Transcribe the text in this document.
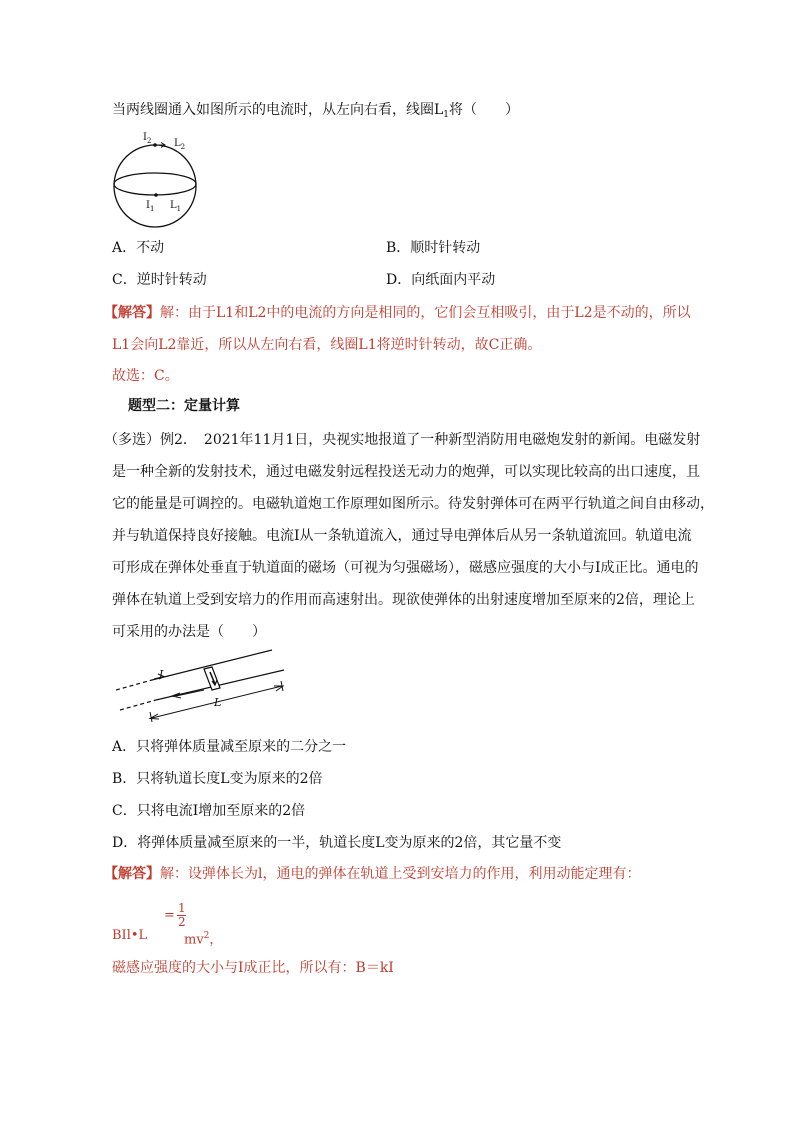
当两线圈通入如图所示的电流时，从左向右看，线圈$L_1$将（　　）
$I_2$ $L_2$
$I_1$ $L_1$
A．不动	B．顺时针转动
C．逆时针转动	D．向纸面内平动
【解答】解：由于L1和L2中的电流的方向是相同的，它们会互相吸引，由于L2是不动的，所以
L1会向L2靠近，所以从左向右看，线圈L1将逆时针转动，故C正确。
故选：C。
题型二：定量计算
（多选）例2．　2021年11月1日，央视实地报道了一种新型消防用电磁炮发射的新闻。电磁发射
是一种全新的发射技术，通过电磁发射远程投送无动力的炮弹，可以实现比较高的出口速度，且
它的能量是可调控的。电磁轨道炮工作原理如图所示。待发射弹体可在两平行轨道之间自由移动，
并与轨道保持良好接触。电流I从一条轨道流入，通过导电弹体后从另一条轨道流回。轨道电流
可形成在弹体处垂直于轨道面的磁场（可视为匀强磁场），磁感应强度的大小与I成正比。通电的
弹体在轨道上受到安培力的作用而高速射出。现欲使弹体的出射速度增加至原来的2倍，理论上
可采用的办法是（　　）
I
L
A．只将弹体质量减至原来的二分之一
B．只将轨道长度L变为原来的2倍
C．只将电流I增加至原来的2倍
D．将弹体质量减至原来的一半，轨道长度L变为原来的2倍，其它量不变
【解答】解：设弹体长为l，通电的弹体在轨道上受到安培力的作用，利用动能定理有：
BIl•L
= 1
2
$mv^2$，
磁感应强度的大小与I成正比，所以有：B＝kI
